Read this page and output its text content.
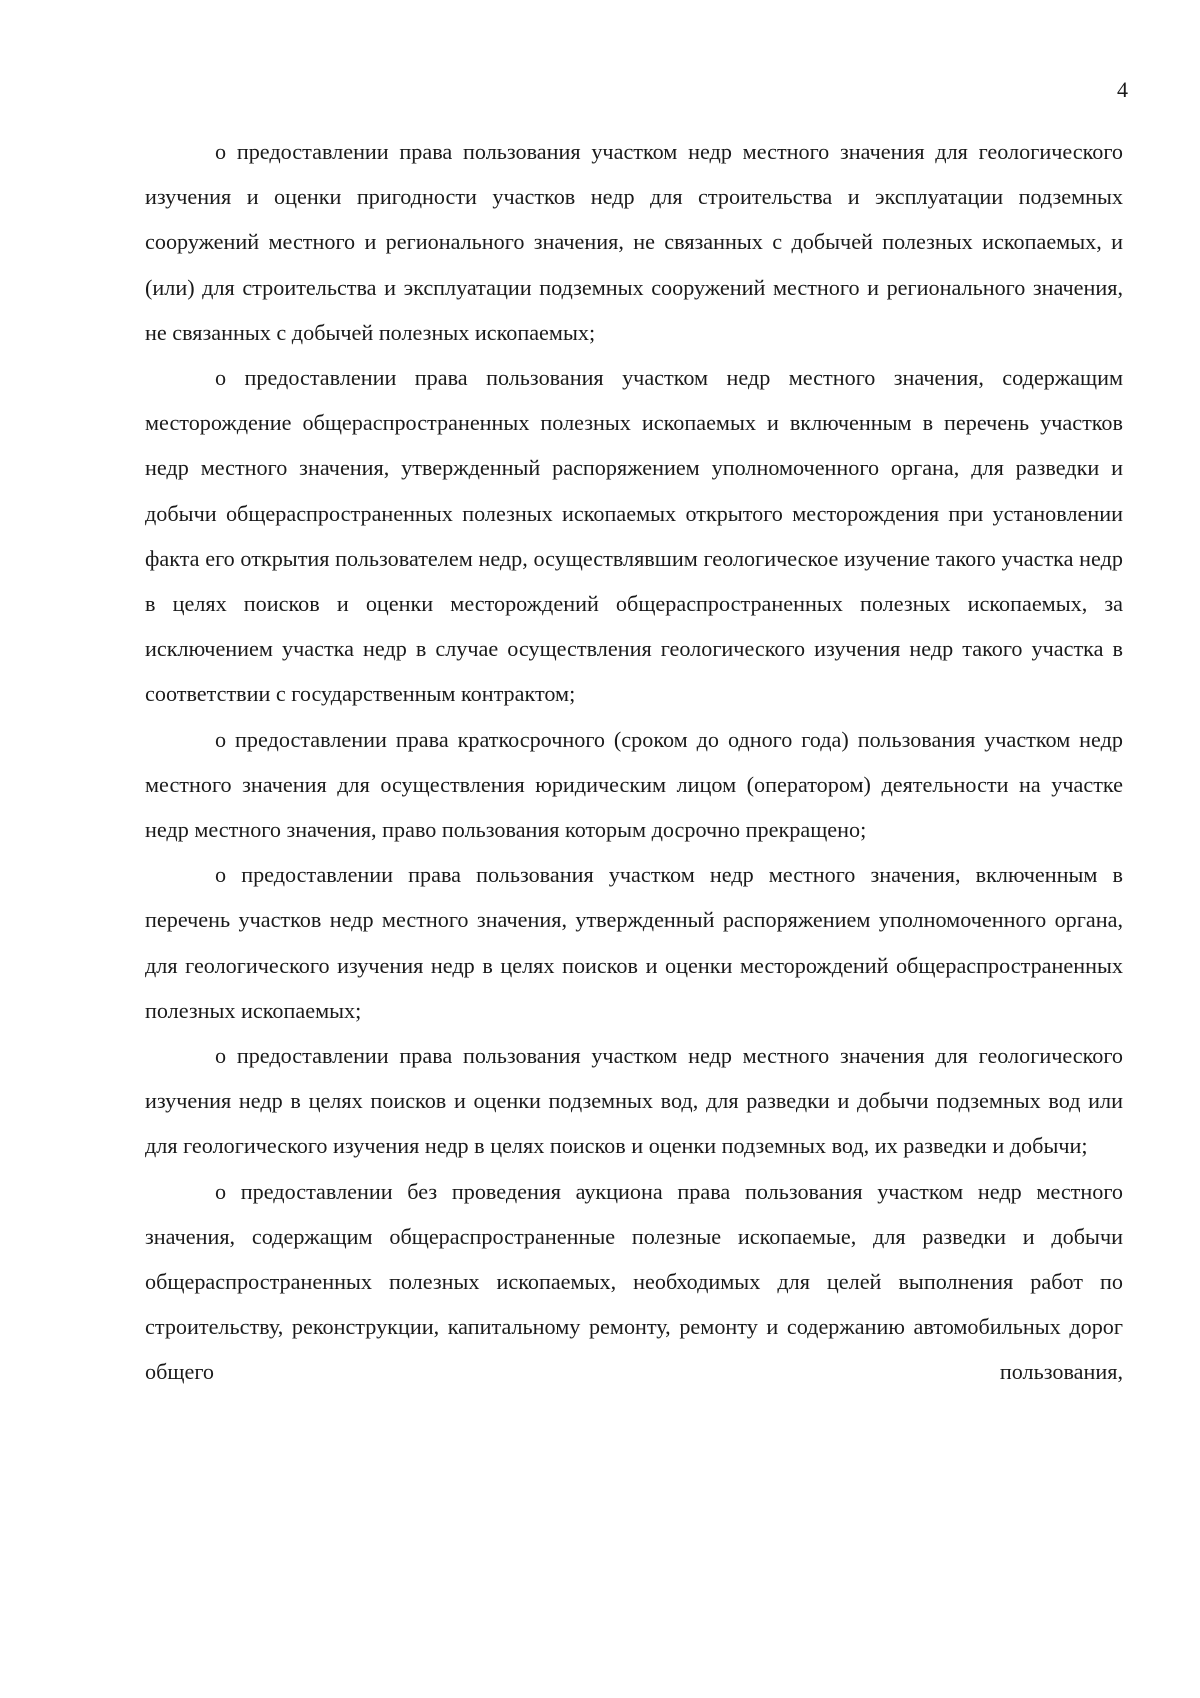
4

о предоставлении права пользования участком недр местного значения для геологического изучения и оценки пригодности участков недр для строительства и эксплуатации подземных сооружений местного и регионального значения, не связанных с добычей полезных ископаемых, и (или) для строительства и эксплуатации подземных сооружений местного и регионального значения, не связанных с добычей полезных ископаемых;

о предоставлении права пользования участком недр местного значения, содержащим месторождение общераспространенных полезных ископаемых и включенным в перечень участков недр местного значения, утвержденный распоряжением уполномоченного органа, для разведки и добычи общераспространенных полезных ископаемых открытого месторождения при установлении факта его открытия пользователем недр, осуществлявшим геологическое изучение такого участка недр в целях поисков и оценки месторождений общераспространенных полезных ископаемых, за исключением участка недр в случае осуществления геологического изучения недр такого участка в соответствии с государственным контрактом;

о предоставлении права краткосрочного (сроком до одного года) пользования участком недр местного значения для осуществления юридическим лицом (оператором) деятельности на участке недр местного значения, право пользования которым досрочно прекращено;

о предоставлении права пользования участком недр местного значения, включенным в перечень участков недр местного значения, утвержденный распоряжением уполномоченного органа, для геологического изучения недр в целях поисков и оценки месторождений общераспространенных полезных ископаемых;

о предоставлении права пользования участком недр местного значения для геологического изучения недр в целях поисков и оценки подземных вод, для разведки и добычи подземных вод или для геологического изучения недр в целях поисков и оценки подземных вод, их разведки и добычи;

о предоставлении без проведения аукциона права пользования участком недр местного значения, содержащим общераспространенные полезные ископаемые, для разведки и добычи общераспространенных полезных ископаемых, необходимых для целей выполнения работ по строительству, реконструкции, капитальному ремонту, ремонту и содержанию автомобильных дорог общего пользования,
